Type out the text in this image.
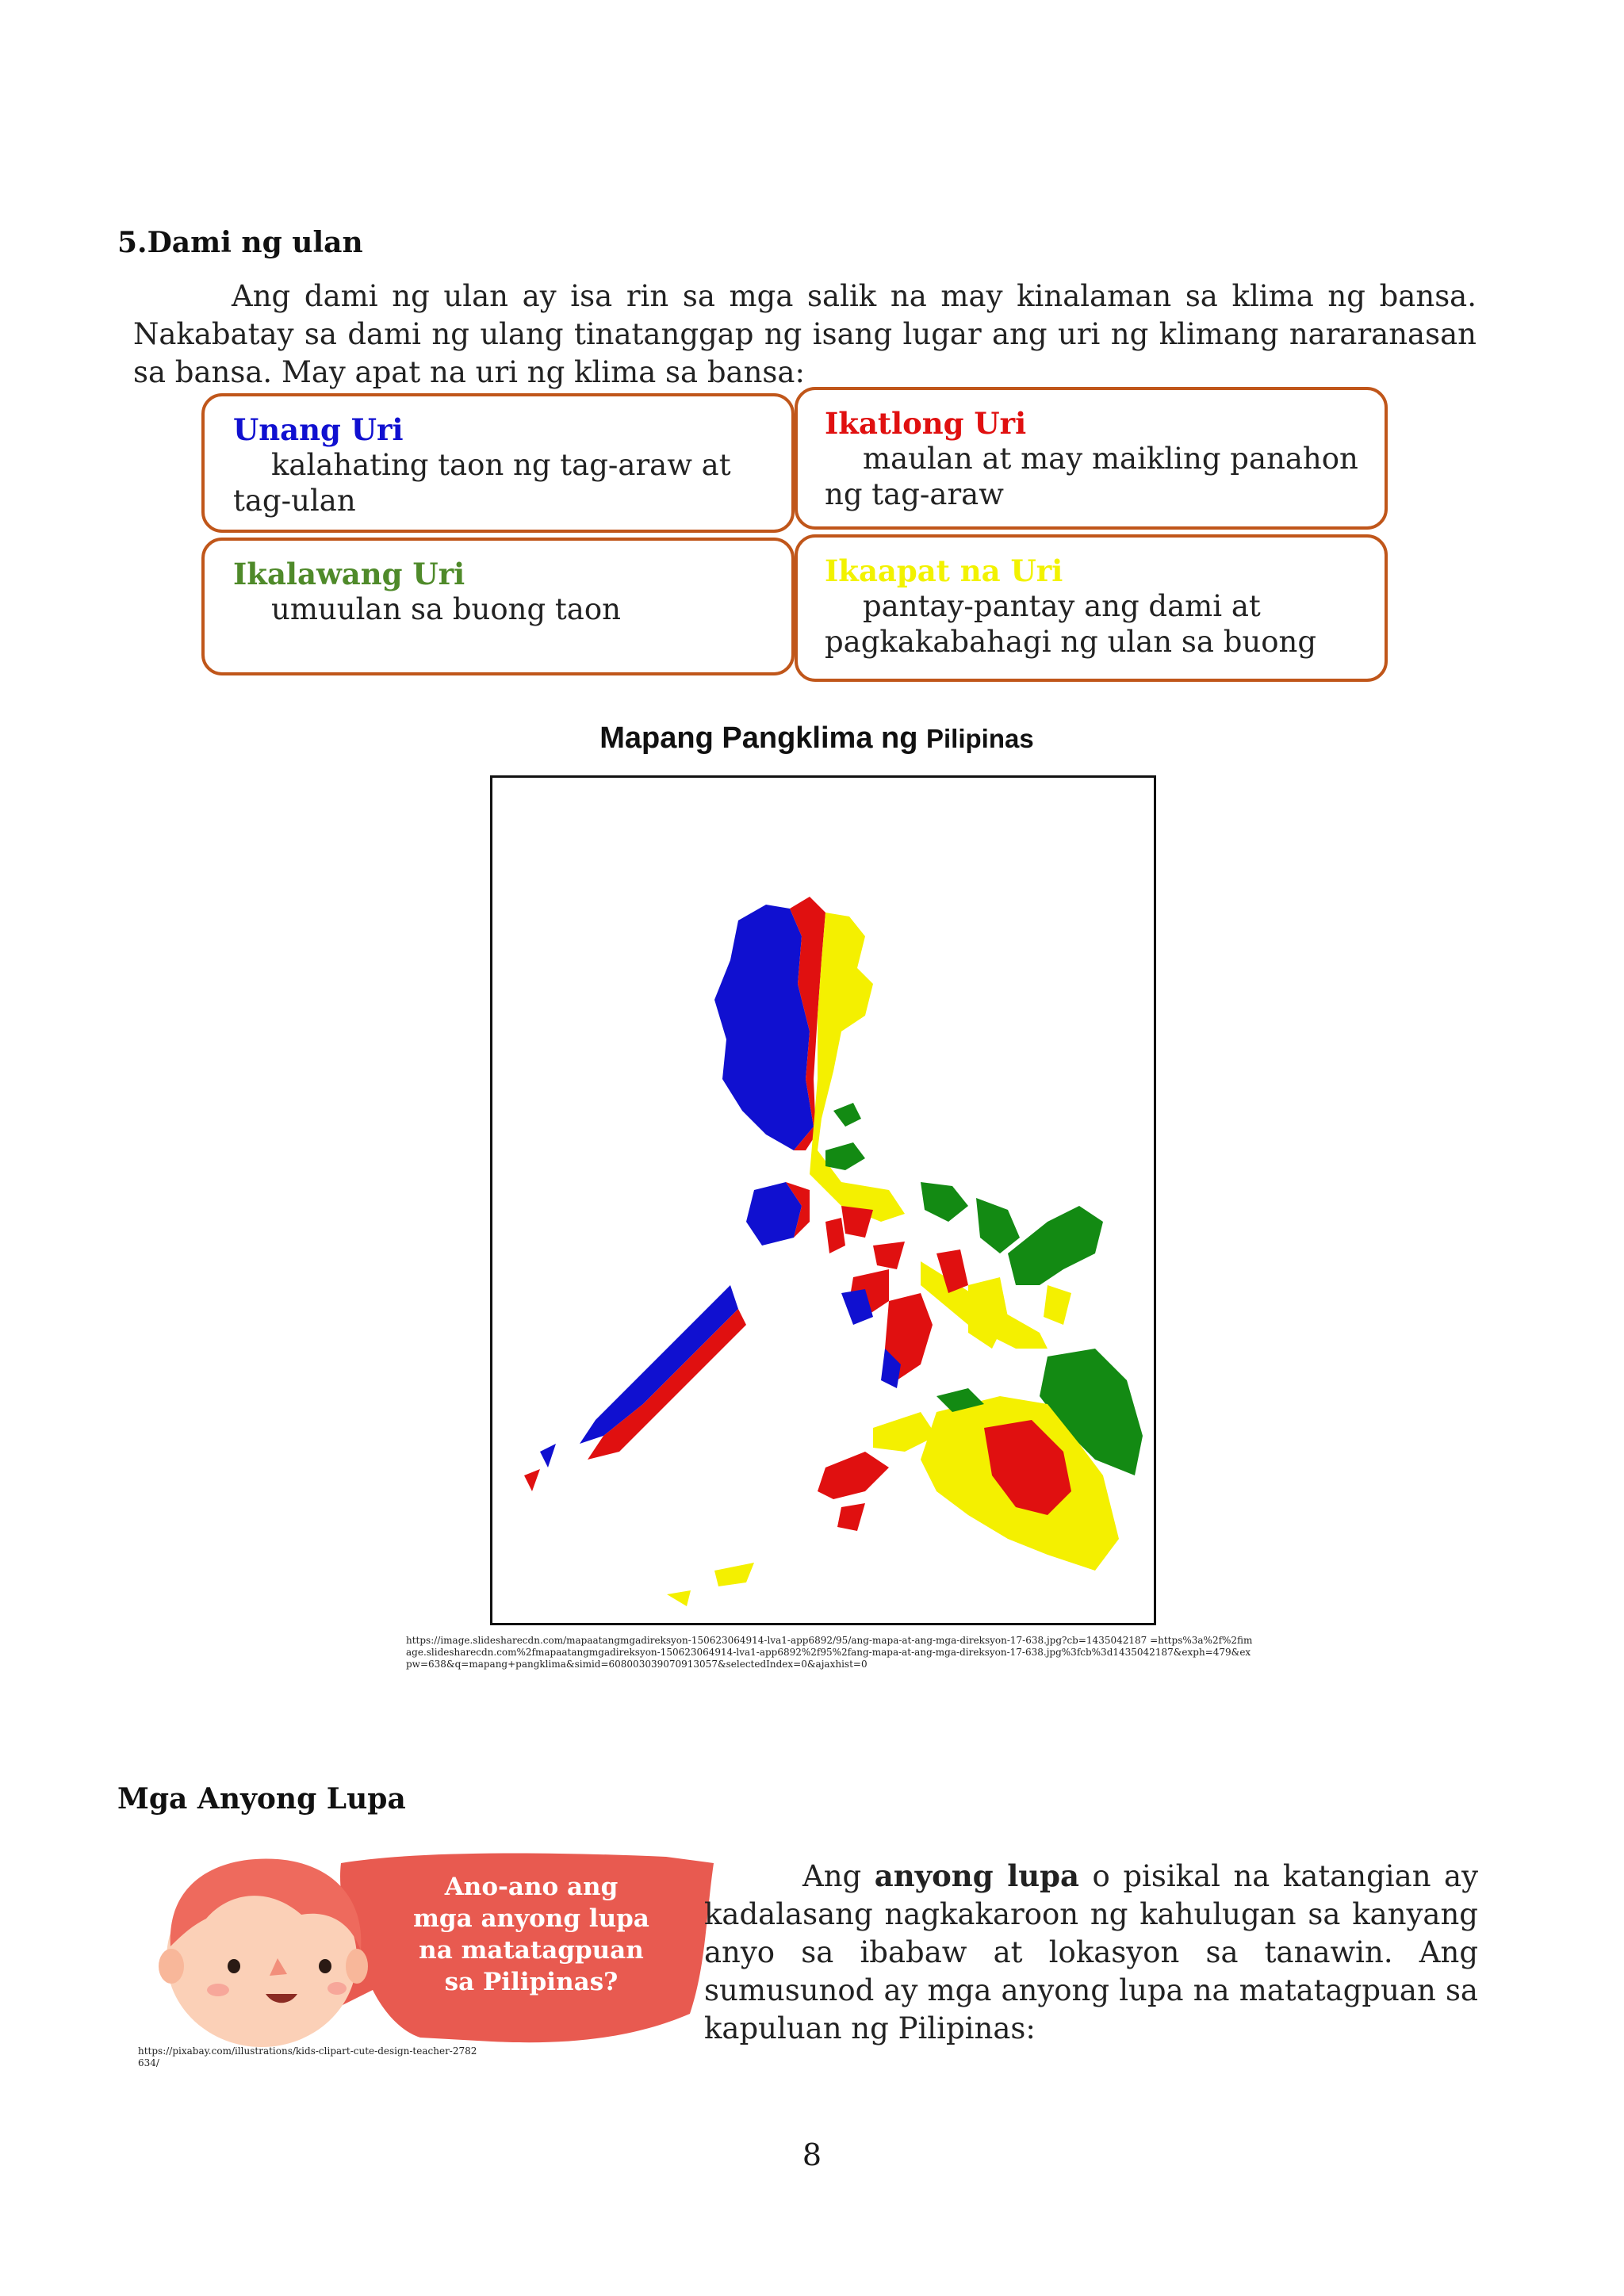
5.Dami ng ulan

Ang dami ng ulan ay isa rin sa mga salik na may kinalaman sa klima ng bansa. Nakabatay sa dami ng ulang tinatanggap ng isang lugar ang uri ng klimang nararanasan sa bansa. May apat na uri ng klima sa bansa:

Unang Uri
kalahating taon ng tag-araw at tag-ulan
Ikatlong Uri
maulan at may maikling panahon ng tag-araw
Ikalawang Uri
umuulan sa buong taon
Ikaapat na Uri
pantay-pantay ang dami at pagkakabahagi ng ulan sa buong
Mapang Pangklima ng Pilipinas
https://image.slidesharecdn.com/mapaatangmgadireksyon-150623064914-lva1-app6892/95/ang-mapa-at-ang-mga-direksyon-17-638.jpg?cb=1435042187 =https%3a%2f%2fimage.slidesharecdn.com%2fmapaatangmgadireksyon-150623064914-lva1-app6892%2f95%2fang-mapa-at-ang-mga-direksyon-17-638.jpg%3fcb%3d1435042187&exph=479&expw=638&q=mapang+pangklima&simid=608003039070913057&selectedIndex=0&ajaxhist=0
Mga Anyong Lupa
Ano-ano ang mga anyong lupa na matatagpuan sa Pilipinas?
https://pixabay.com/illustrations/kids-clipart-cute-design-teacher-2782634/

Ang anyong lupa o pisikal na katangian ay kadalasang nagkakaroon ng kahulugan sa kanyang anyo sa ibabaw at lokasyon sa tanawin. Ang sumusunod ay mga anyong lupa na matatagpuan sa kapuluan ng Pilipinas:

8
